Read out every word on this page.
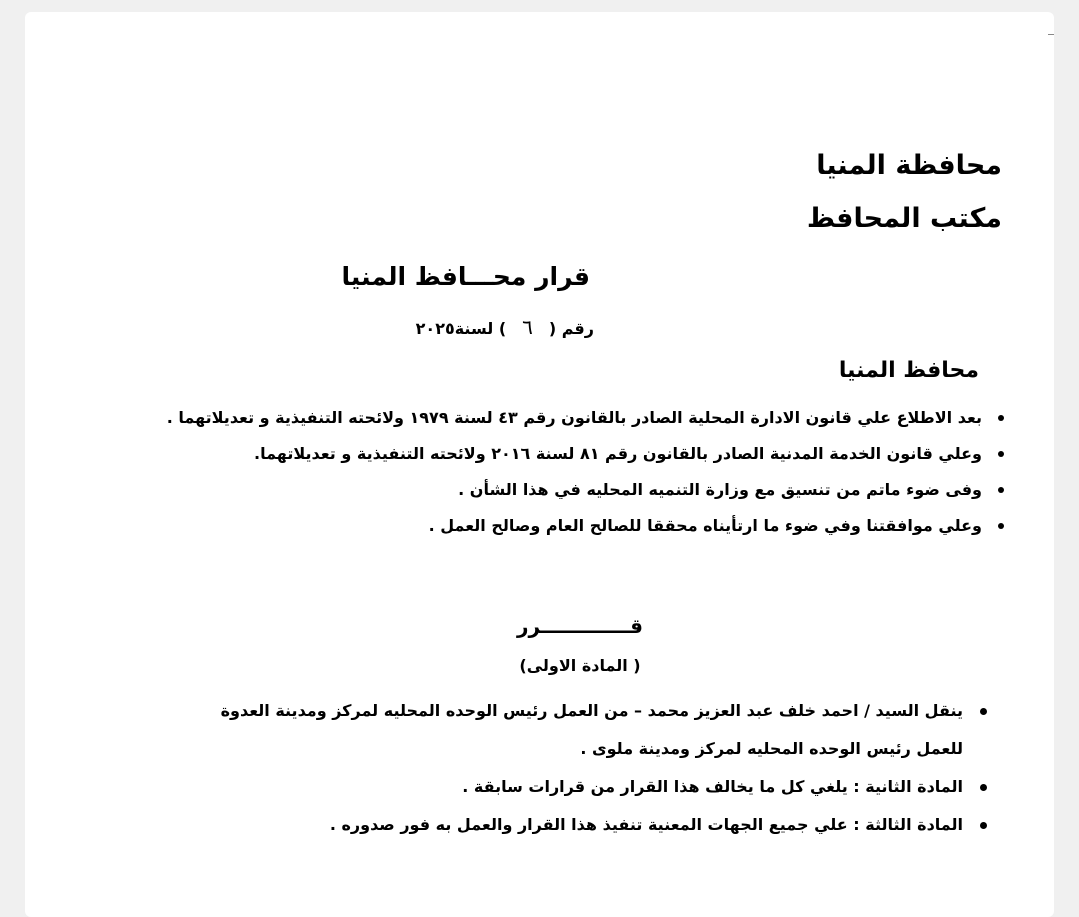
محافظة المنيا
مكتب المحافظ
قرار محـــافظ المنيا
رقم (٦) لسنة٢٠٢٥
محافظ المنيا
بعد الاطلاع علي قانون الادارة المحلية الصادر بالقانون رقم ٤٣ لسنة ١٩٧٩ ولائحته التنفيذية و تعديلاتهما .
وعلي قانون الخدمة المدنية الصادر بالقانون رقم ٨١ لسنة ٢٠١٦ ولائحته التنفيذية و تعديلاتهما.
وفى ضوء ماتم من تنسيق مع وزارة التنميه المحليه في هذا الشأن .
وعلي موافقتنا وفي ضوء ما ارتأيناه محققا للصالح العام وصالح العمل .
قـــــــــــــرر
( المادة الاولى)
ينقل السيد / احمد خلف عبد العزيز محمد – من العمل رئيس الوحده المحليه لمركز ومدينة العدوة للعمل رئيس الوحده المحليه لمركز ومدينة ملوى .
المادة الثانية : يلغي كل ما يخالف هذا القرار من قرارات سابقة .
المادة الثالثة : علي جميع الجهات المعنية تنفيذ هذا القرار والعمل به فور صدوره .
